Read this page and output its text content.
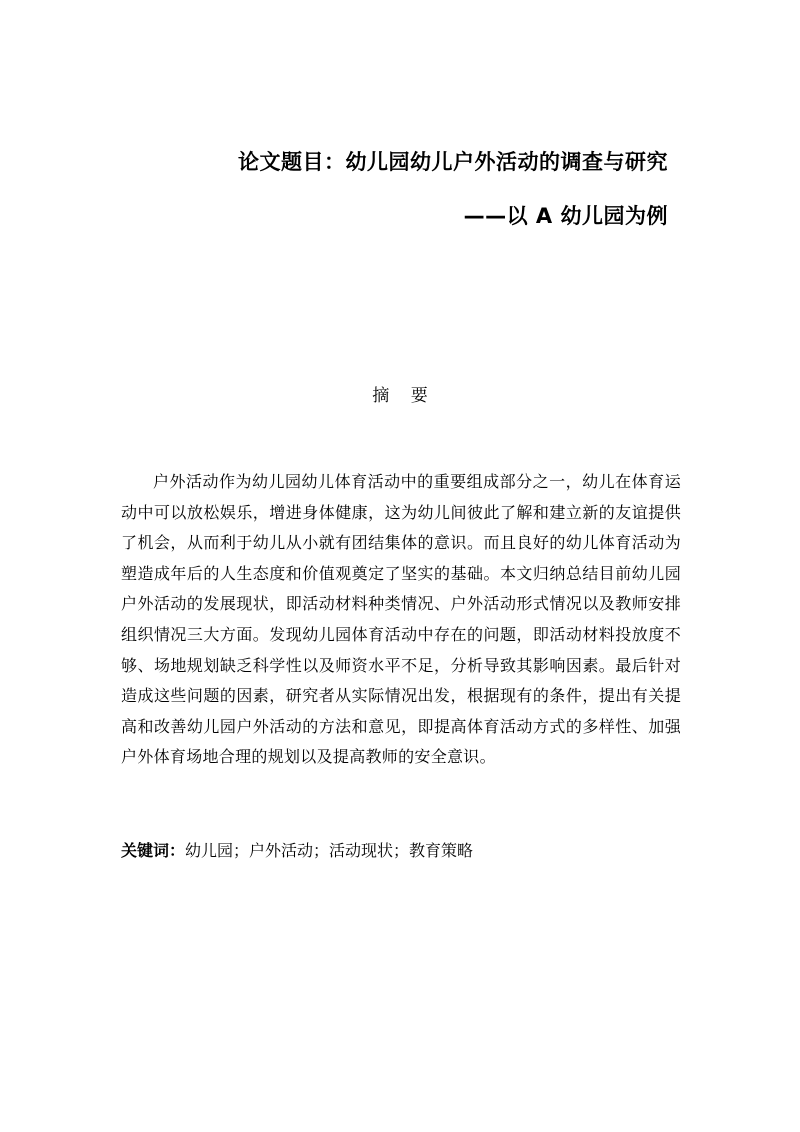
论文题目：幼儿园幼儿户外活动的调查与研究
——以 A 幼儿园为例
摘    要
户外活动作为幼儿园幼儿体育活动中的重要组成部分之一，幼儿在体育运动中可以放松娱乐，增进身体健康，这为幼儿间彼此了解和建立新的友谊提供了机会，从而利于幼儿从小就有团结集体的意识。而且良好的幼儿体育活动为塑造成年后的人生态度和价值观奠定了坚实的基础。本文归纳总结目前幼儿园户外活动的发展现状，即活动材料种类情况、户外活动形式情况以及教师安排组织情况三大方面。发现幼儿园体育活动中存在的问题，即活动材料投放度不够、场地规划缺乏科学性以及师资水平不足，分析导致其影响因素。最后针对造成这些问题的因素，研究者从实际情况出发，根据现有的条件，提出有关提高和改善幼儿园户外活动的方法和意见，即提高体育活动方式的多样性、加强户外体育场地合理的规划以及提高教师的安全意识。
关键词：幼儿园；户外活动；活动现状；教育策略
